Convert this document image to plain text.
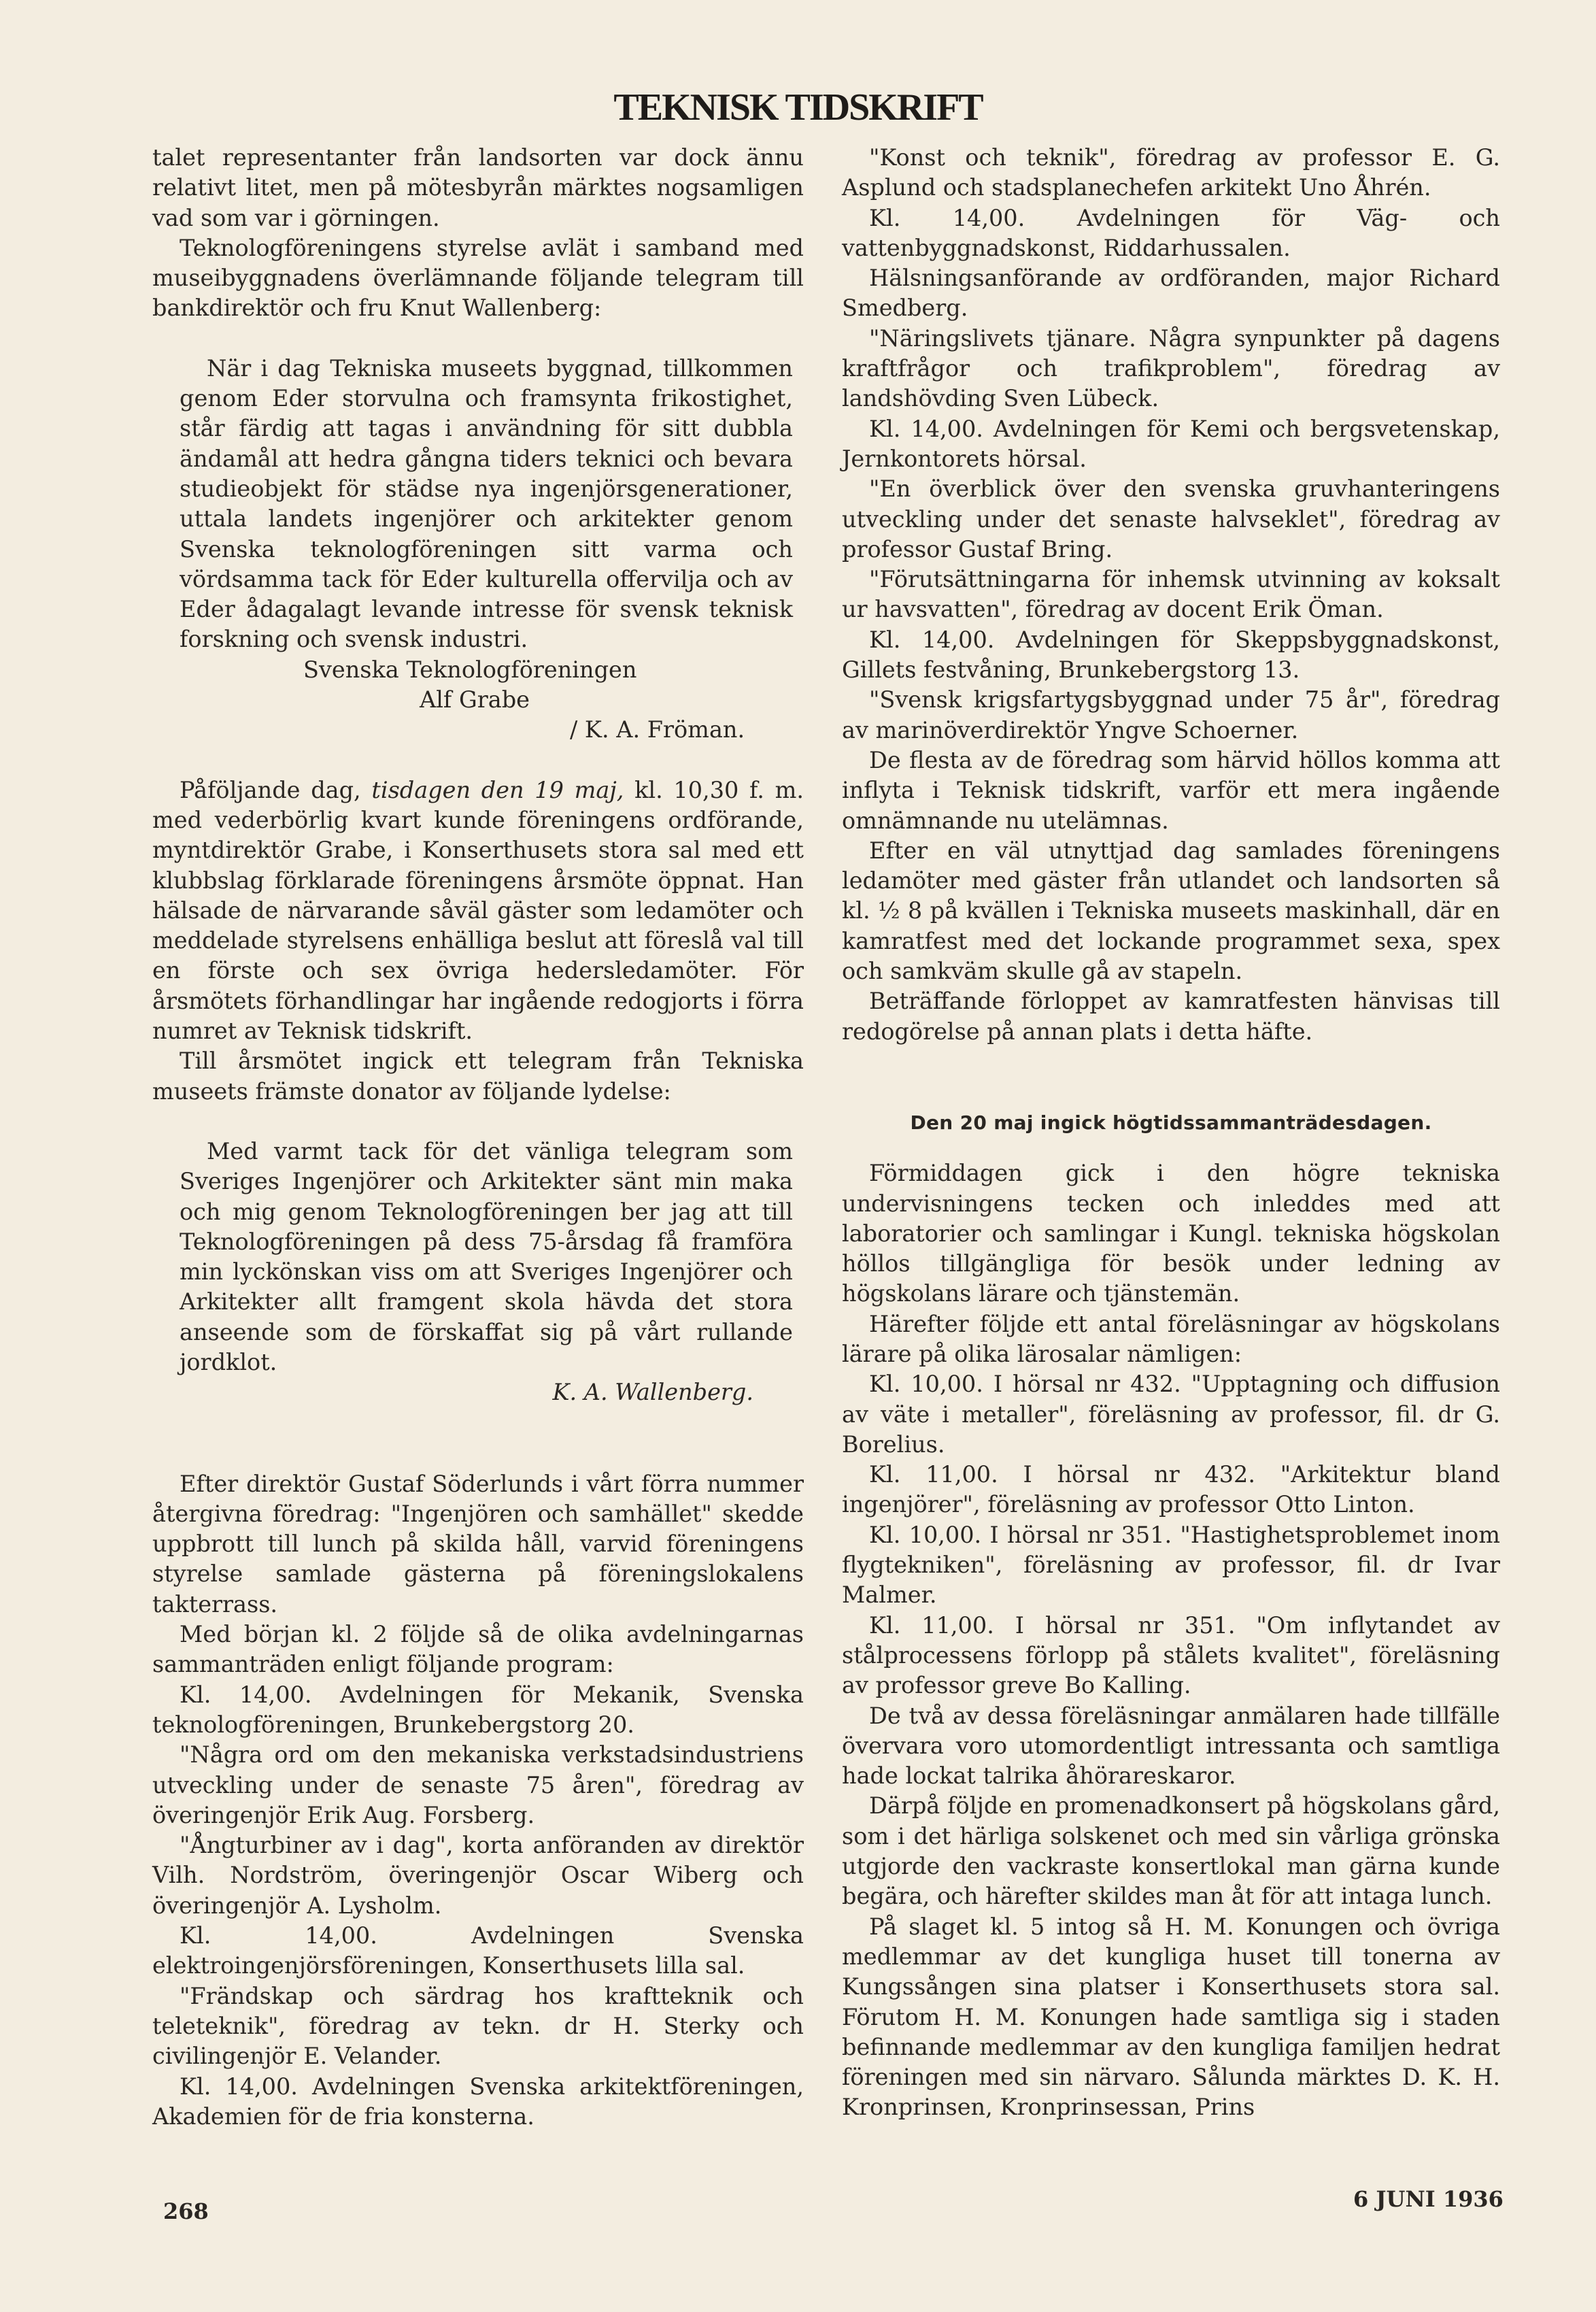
TEKNISK TIDSKRIFT

talet representanter från landsorten var dock ännu relativt litet, men på mötesbyrån märktes nogsamligen vad som var i görningen.

Teknologföreningens styrelse avlät i samband med museibyggnadens överlämnande följande telegram till bankdirektör och fru Knut Wallenberg:

När i dag Tekniska museets byggnad, tillkommen genom Eder storvulna och framsynta frikostighet, står färdig att tagas i användning för sitt dubbla ändamål att hedra gångna tiders teknici och bevara studieobjekt för städse nya ingenjörsgenerationer, uttala landets ingenjörer och arkitekter genom Svenska teknologföreningen sitt varma och vördsamma tack för Eder kulturella offervilja och av Eder ådagalagt levande intresse för svensk teknisk forskning och svensk industri.

Svenska Teknologföreningen

Alf Grabe

/ K. A. Fröman.

Påföljande dag, tisdagen den 19 maj, kl. 10,30 f. m. med vederbörlig kvart kunde föreningens ordförande, myntdirektör Grabe, i Konserthusets stora sal med ett klubbslag förklarade föreningens årsmöte öppnat. Han hälsade de närvarande såväl gäster som ledamöter och meddelade styrelsens enhälliga beslut att föreslå val till en förste och sex övriga hedersledamöter. För årsmötets förhandlingar har ingående redogjorts i förra numret av Teknisk tidskrift.

Till årsmötet ingick ett telegram från Tekniska museets främste donator av följande lydelse:

Med varmt tack för det vänliga telegram som Sveriges Ingenjörer och Arkitekter sänt min maka och mig genom Teknologföreningen ber jag att till Teknologföreningen på dess 75-årsdag få framföra min lyckönskan viss om att Sveriges Ingenjörer och Arkitekter allt framgent skola hävda det stora anseende som de förskaffat sig på vårt rullande jordklot.

K. A. Wallenberg.

Efter direktör Gustaf Söderlunds i vårt förra nummer återgivna föredrag: "Ingenjören och samhället" skedde uppbrott till lunch på skilda håll, varvid föreningens styrelse samlade gästerna på föreningslokalens takterrass.

Med början kl. 2 följde så de olika avdelningarnas sammanträden enligt följande program:

Kl. 14,00. Avdelningen för Mekanik, Svenska teknologföreningen, Brunkebergstorg 20.

"Några ord om den mekaniska verkstadsindustriens utveckling under de senaste 75 åren", föredrag av överingenjör Erik Aug. Forsberg.

"Ångturbiner av i dag", korta anföranden av direktör Vilh. Nordström, överingenjör Oscar Wiberg och överingenjör A. Lysholm.

Kl. 14,00. Avdelningen Svenska elektroingenjörsföreningen, Konserthusets lilla sal.

"Frändskap och särdrag hos kraftteknik och teleteknik", föredrag av tekn. dr H. Sterky och civilingenjör E. Velander.

Kl. 14,00. Avdelningen Svenska arkitektföreningen, Akademien för de fria konsterna.

"Konst och teknik", föredrag av professor E. G. Asplund och stadsplanechefen arkitekt Uno Åhrén.

Kl. 14,00. Avdelningen för Väg- och vattenbyggnadskonst, Riddarhussalen.

Hälsningsanförande av ordföranden, major Richard Smedberg.

"Näringslivets tjänare. Några synpunkter på dagens kraftfrågor och trafikproblem", föredrag av landshövding Sven Lübeck.

Kl. 14,00. Avdelningen för Kemi och bergsvetenskap, Jernkontorets hörsal.

"En överblick över den svenska gruvhanteringens utveckling under det senaste halvseklet", föredrag av professor Gustaf Bring.

"Förutsättningarna för inhemsk utvinning av koksalt ur havsvatten", föredrag av docent Erik Öman.

Kl. 14,00. Avdelningen för Skeppsbyggnadskonst, Gillets festvåning, Brunkebergstorg 13.

"Svensk krigsfartygsbyggnad under 75 år", föredrag av marinöverdirektör Yngve Schoerner.

De flesta av de föredrag som härvid höllos komma att inflyta i Teknisk tidskrift, varför ett mera ingående omnämnande nu utelämnas.

Efter en väl utnyttjad dag samlades föreningens ledamöter med gäster från utlandet och landsorten så kl. ½ 8 på kvällen i Tekniska museets maskinhall, där en kamratfest med det lockande programmet sexa, spex och samkväm skulle gå av stapeln.

Beträffande förloppet av kamratfesten hänvisas till redogörelse på annan plats i detta häfte.

Den 20 maj ingick högtidssammanträdesdagen.

Förmiddagen gick i den högre tekniska undervisningens tecken och inleddes med att laboratorier och samlingar i Kungl. tekniska högskolan höllos tillgängliga för besök under ledning av högskolans lärare och tjänstemän.

Härefter följde ett antal föreläsningar av högskolans lärare på olika lärosalar nämligen:

Kl. 10,00. I hörsal nr 432. "Upptagning och diffusion av väte i metaller", föreläsning av professor, fil. dr G. Borelius.

Kl. 11,00. I hörsal nr 432. "Arkitektur bland ingenjörer", föreläsning av professor Otto Linton.

Kl. 10,00. I hörsal nr 351. "Hastighetsproblemet inom flygtekniken", föreläsning av professor, fil. dr Ivar Malmer.

Kl. 11,00. I hörsal nr 351. "Om inflytandet av stålprocessens förlopp på stålets kvalitet", föreläsning av professor greve Bo Kalling.

De två av dessa föreläsningar anmälaren hade tillfälle övervara voro utomordentligt intressanta och samtliga hade lockat talrika åhörareskaror.

Därpå följde en promenadkonsert på högskolans gård, som i det härliga solskenet och med sin vårliga grönska utgjorde den vackraste konsertlokal man gärna kunde begära, och härefter skildes man åt för att intaga lunch.

På slaget kl. 5 intog så H. M. Konungen och övriga medlemmar av det kungliga huset till tonerna av Kungssången sina platser i Konserthusets stora sal. Förutom H. M. Konungen hade samtliga sig i staden befinnande medlemmar av den kungliga familjen hedrat föreningen med sin närvaro. Sålunda märktes D. K. H. Kronprinsen, Kronprinsessan, Prins

268	6 JUNI 1936
